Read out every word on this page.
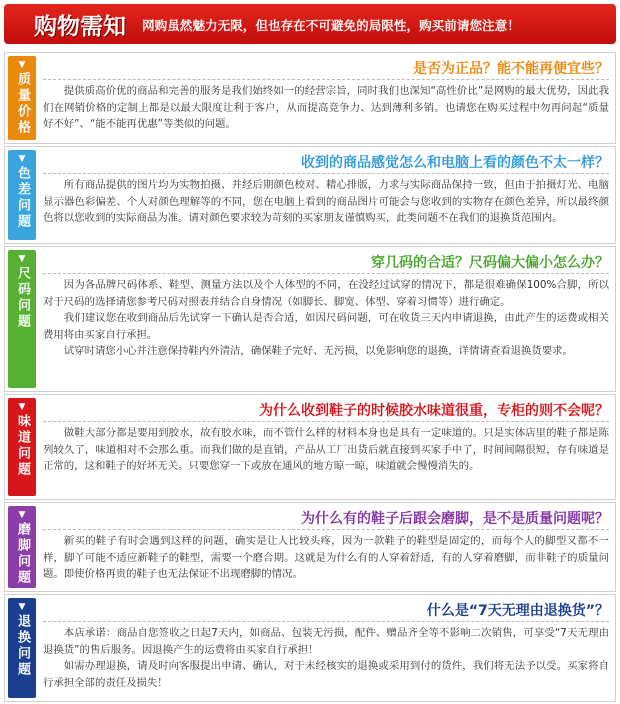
购物需知 网购虽然魅力无限，但也存在不可避免的局限性，购买前请您注意！
▼
质量价格
是否为正品？能不能再便宜些？

提供质高价优的商品和完善的服务是我们始终如一的经营宗旨，同时我们也深知“高性价比”是网购的最大优势，因此我们在网销价格的定制上都是以最大限度让利于客户，从而提高竞争力、达到薄利多销。也请您在购买过程中勿再问起“质量好不好”、“能不能再优惠”等类似的问题。

▼
色差问题
收到的商品感觉怎么和电脑上看的颜色不太一样？

所有商品提供的图片均为实物拍摄、并经后期颜色校对、精心排版，力求与实际商品保持一致，但由于拍摄灯光、电脑显示器色彩偏差、个人对颜色理解等的不同，您在电脑上看到的商品图片可能会与您收到的实物存在颜色差异，所以最终颜色将以您收到的实际商品为准。请对颜色要求较为苛刻的买家朋友谨慎购买，此类问题不在我们的退换货范围内。

▼
尺码问题
穿几码的合适？尺码偏大偏小怎么办？

因为各品牌尺码体系、鞋型、测量方法以及个人体型的不同，在没经过试穿的情况下，都是很难确保100%合脚，所以对于尺码的选择请您参考尺码对照表并结合自身情况（如脚长、脚宽、体型、穿着习惯等）进行确定。

我们建议您在收到商品后先试穿一下确认是否合适，如因尺码问题，可在收货三天内申请退换，由此产生的运费或相关费用将由买家自行承担。

试穿时请您小心并注意保持鞋内外清洁，确保鞋子完好、无污损，以免影响您的退换，详情请查看退换货要求。

▼
味道问题
为什么收到鞋子的时候胶水味道很重，专柜的则不会呢？

做鞋大部分都是要用到胶水，故有胶水味，而不管什么样的材料本身也是具有一定味道的。只是实体店里的鞋子都是陈列较久了，味道相对不会那么重。而我们做的是直销，产品从工厂出货后就直接到买家手中了，时间间隔很短，存有味道是正常的，这和鞋子的好坏无关。只要您穿一下或放在通风的地方晾一晾，味道就会慢慢消失的。

▼
磨脚问题
为什么有的鞋子后跟会磨脚，是不是质量问题呢？

新买的鞋子有时会遇到这样的问题，确实是让人比较头疼，因为一款鞋子的鞋型是固定的，而每个人的脚型又都不一样，脚丫可能不适应新鞋子的鞋型，需要一个磨合期。这就是为什么有的人穿着舒适，有的人穿着磨脚，而非鞋子的质量问题。即使价格再贵的鞋子也无法保证不出现磨脚的情况。

▼
退换问题
什么是“7天无理由退换货”？

本店承诺：商品自您签收之日起7天内，如商品、包装无污损，配件、赠品齐全等不影响二次销售，可享受“7天无理由退换货”的售后服务。因退换产生的运费将由买家自行承担！

如需办理退换，请及时向客服提出申请、确认，对于未经核实的退换或采用到付的货件，我们将无法予以受。买家将自行承担全部的责任及损失！
